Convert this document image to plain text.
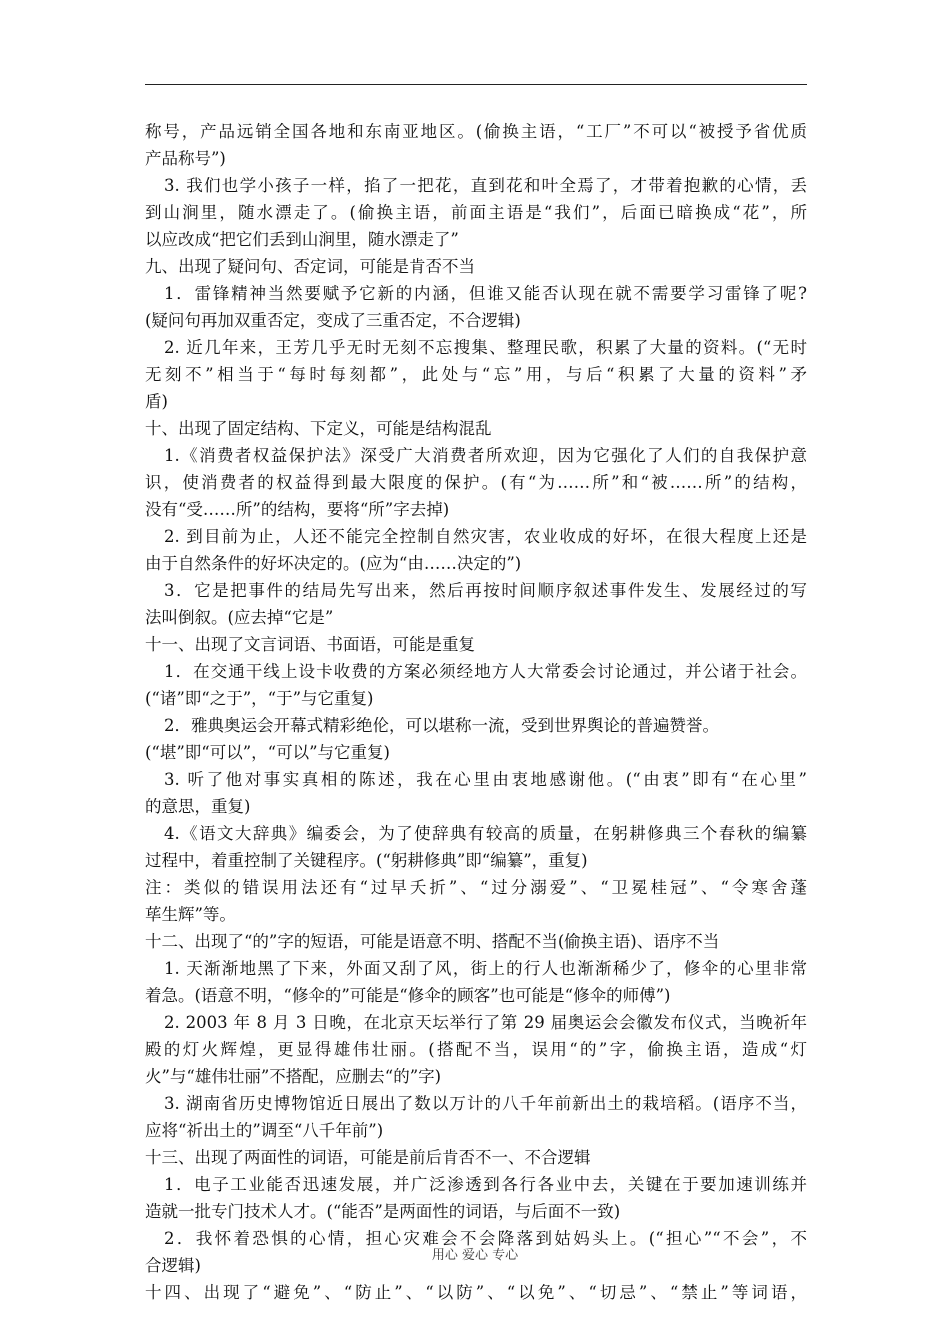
称号，产品远销全国各地和东南亚地区。(偷换主语，“工厂”不可以“被授予省优质
产品称号”)
3. 我们也学小孩子一样，掐了一把花，直到花和叶全焉了，才带着抱歉的心情，丢
到山涧里，随水漂走了。(偷换主语，前面主语是“我们”，后面已暗换成“花”，所
以应改成“把它们丢到山涧里，随水漂走了”
九、出现了疑问句、否定词，可能是肯否不当
1．雷锋精神当然要赋予它新的内涵，但谁又能否认现在就不需要学习雷锋了呢?
(疑问句再加双重否定，变成了三重否定，不合逻辑)
2. 近几年来，王芳几乎无时无刻不忘搜集、整理民歌，积累了大量的资料。(“无时
无刻不”相当于“每时每刻都”，此处与“忘”用，与后“积累了大量的资料”矛
盾)
十、出现了固定结构、下定义，可能是结构混乱
1.《消费者权益保护法》深受广大消费者所欢迎，因为它强化了人们的自我保护意
识，使消费者的权益得到最大限度的保护。(有“为……所”和“被……所”的结构，
没有“受……所”的结构，要将“所”字去掉)
2. 到目前为止，人还不能完全控制自然灾害，农业收成的好坏，在很大程度上还是
由于自然条件的好坏决定的。(应为“由……决定的”)
3．它是把事件的结局先写出来，然后再按时间顺序叙述事件发生、发展经过的写
法叫倒叙。(应去掉“它是”
十一、出现了文言词语、书面语，可能是重复
1．在交通干线上设卡收费的方案必须经地方人大常委会讨论通过，并公诸于社会。
(“诸”即“之于”，“于”与它重复)
2．雅典奥运会开幕式精彩绝伦，可以堪称一流，受到世界舆论的普遍赞誉。
(“堪”即“可以”，“可以”与它重复)
3. 听了他对事实真相的陈述，我在心里由衷地感谢他。(“由衷”即有“在心里”
的意思，重复)
4.《语文大辞典》编委会，为了使辞典有较高的质量，在躬耕修典三个春秋的编纂
过程中，着重控制了关键程序。(“躬耕修典”即“编纂”，重复)
注：类似的错误用法还有“过早夭折”、“过分溺爱”、“卫冕桂冠”、“令寒舍蓬
荜生辉”等。
十二、出现了“的”字的短语，可能是语意不明、搭配不当(偷换主语)、语序不当
1. 天渐渐地黑了下来，外面又刮了风，街上的行人也渐渐稀少了，修伞的心里非常
着急。(语意不明，“修伞的”可能是“修伞的顾客”也可能是“修伞的师傅”)
2. 2003 年 8 月 3 日晚，在北京天坛举行了第 29 届奥运会会徽发布仪式，当晚祈年
殿的灯火辉煌，更显得雄伟壮丽。(搭配不当，误用“的”字，偷换主语，造成“灯
火”与“雄伟壮丽”不搭配，应删去“的”字)
3. 湖南省历史博物馆近日展出了数以万计的八千年前新出土的栽培稻。(语序不当，
应将“祈出土的”调至“八千年前”)
十三、出现了两面性的词语，可能是前后肯否不一、不合逻辑
1．电子工业能否迅速发展，并广泛渗透到各行各业中去，关键在于要加速训练并
造就一批专门技术人才。(“能否”是两面性的词语，与后面不一致)
2．我怀着恐惧的心情，担心灾难会不会降落到姑妈头上。(“担心”“不会”，不
合逻辑)
十四、出现了“避免”、“防止”、“以防”、“以免”、“切忌”、“禁止”等词语，
用心 爱心 专心
